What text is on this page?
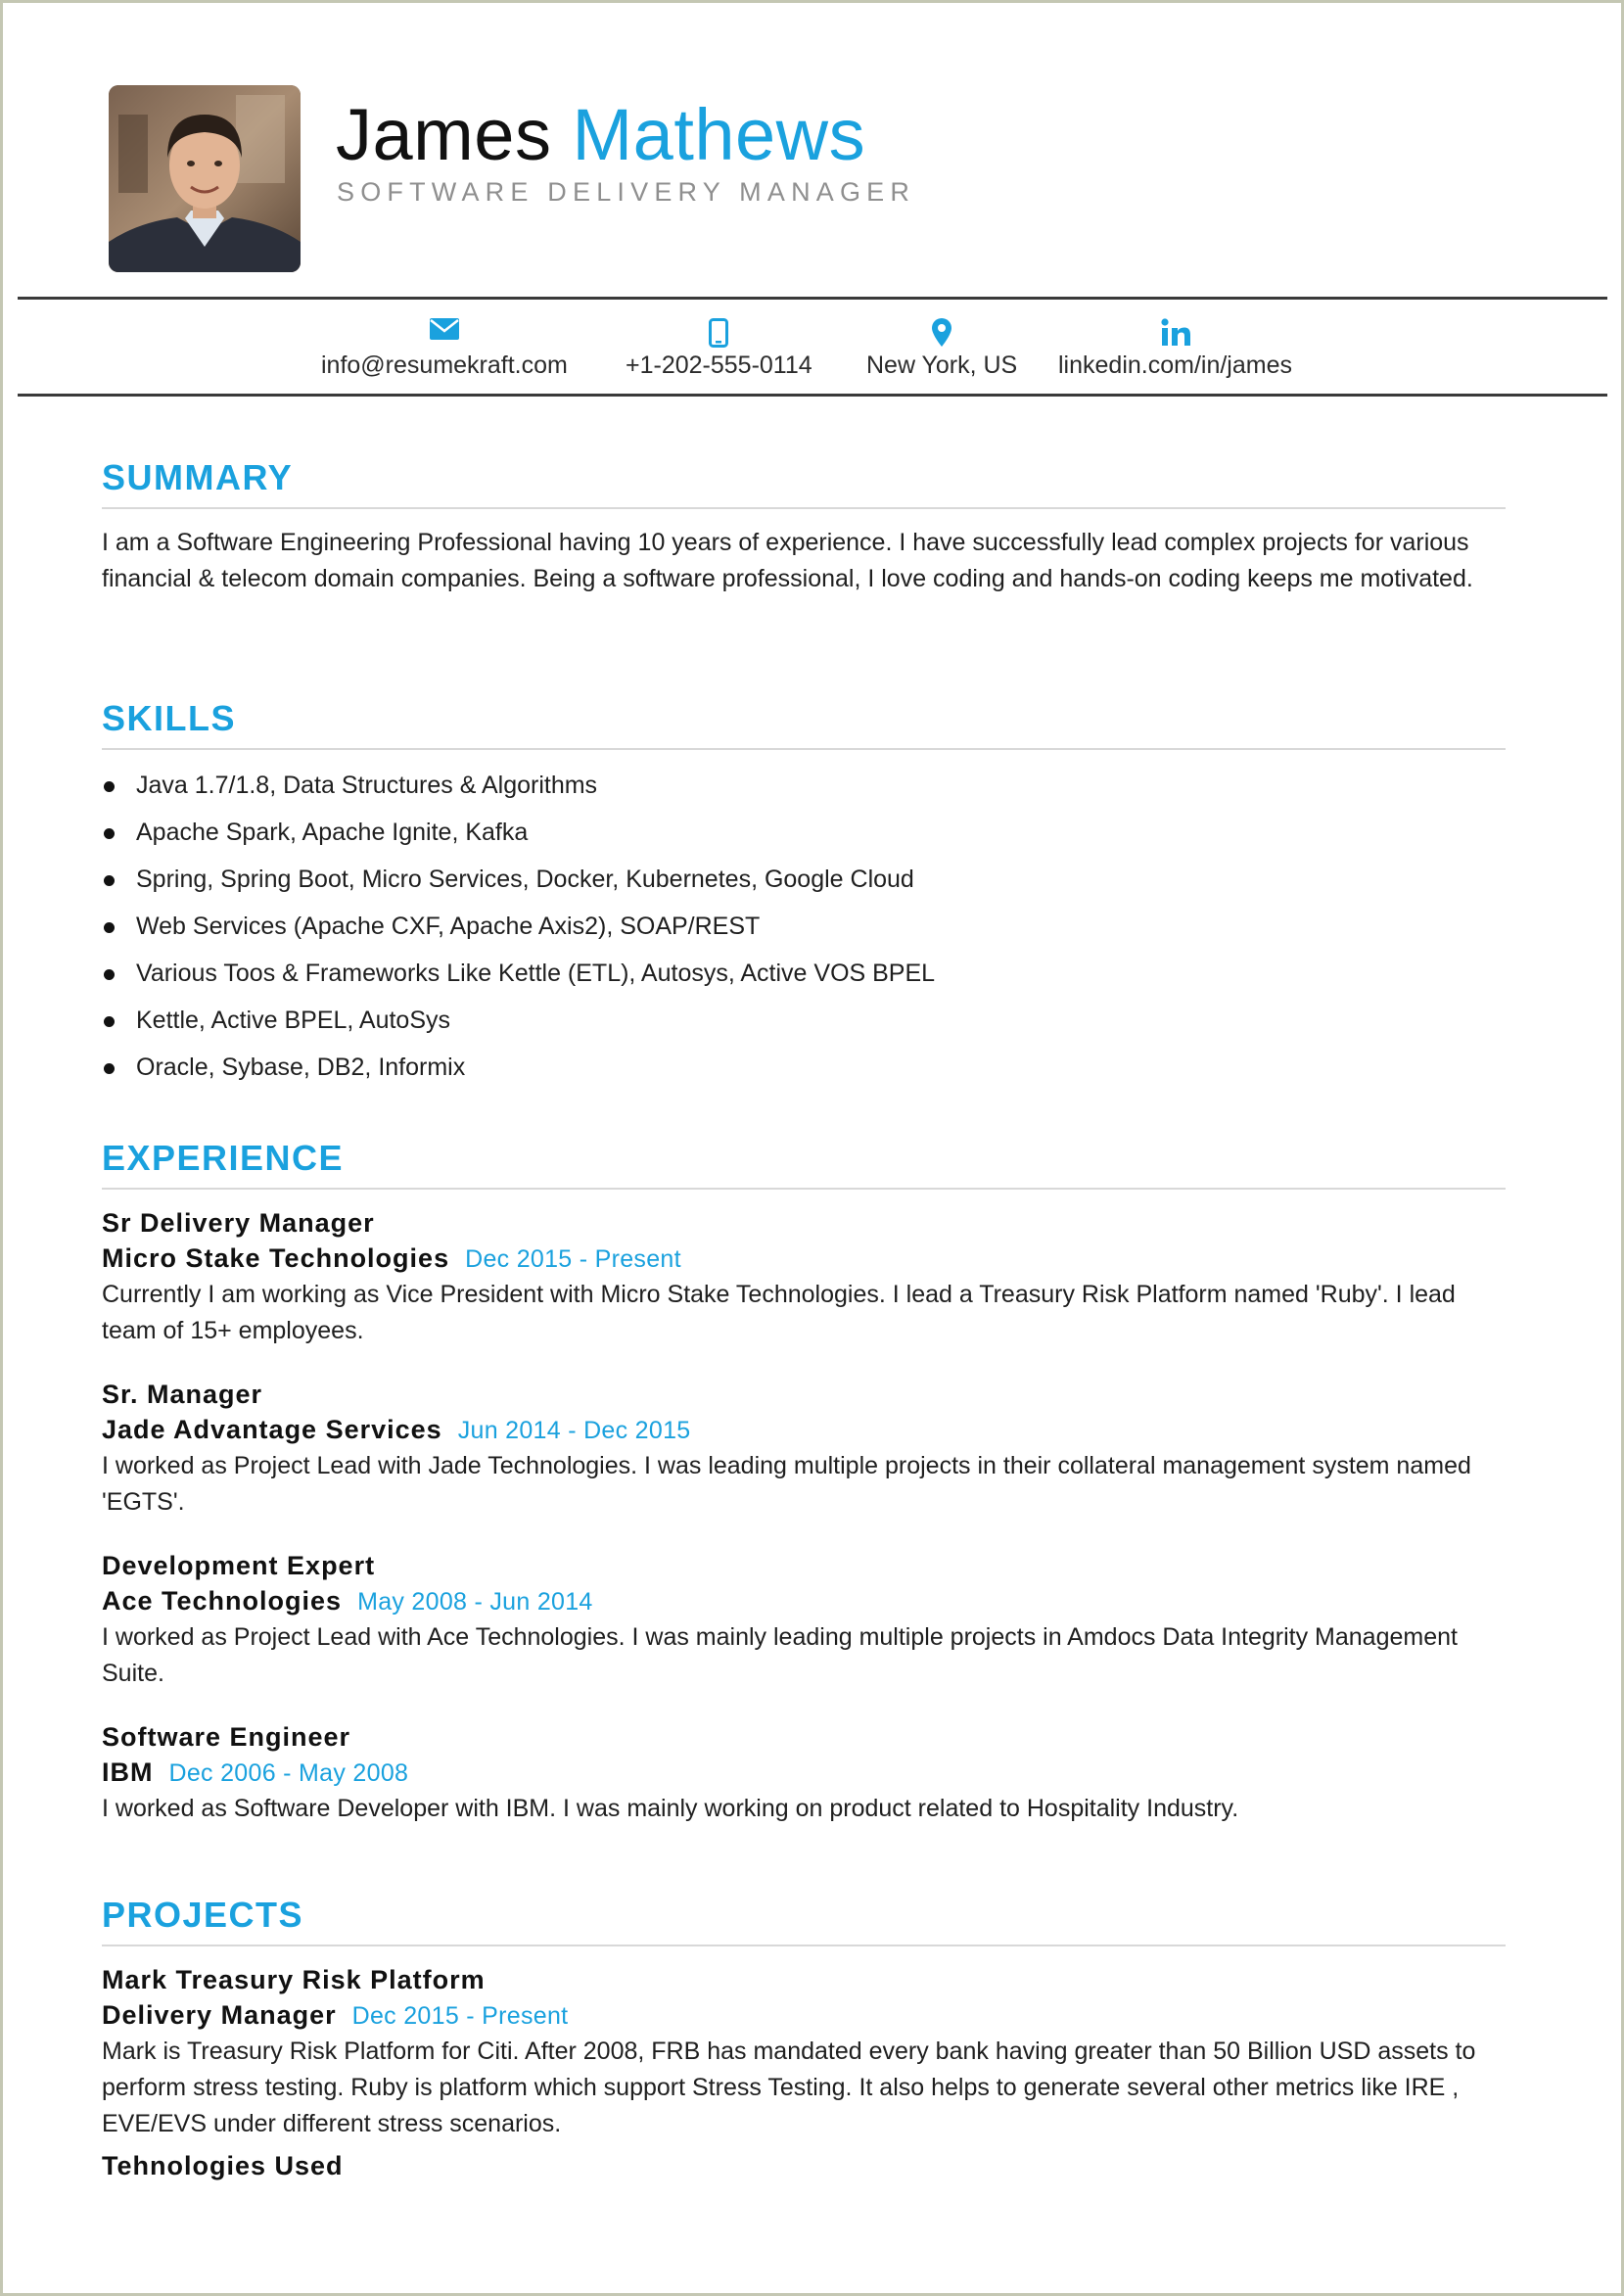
James Mathews
SOFTWARE DELIVERY MANAGER
info@resumekraft.com +1-202-555-0114 New York, US linkedin.com/in/james
SUMMARY
I am a Software Engineering Professional having 10 years of experience. I have successfully lead complex projects for various financial & telecom domain companies. Being a software professional, I love coding and hands-on coding keeps me motivated.
SKILLS
Java 1.7/1.8, Data Structures & Algorithms
Apache Spark, Apache Ignite, Kafka
Spring, Spring Boot, Micro Services, Docker, Kubernetes, Google Cloud
Web Services (Apache CXF, Apache Axis2), SOAP/REST
Various Toos & Frameworks Like Kettle (ETL), Autosys, Active VOS BPEL
Kettle, Active BPEL, AutoSys
Oracle, Sybase, DB2, Informix
EXPERIENCE
Sr Delivery Manager
Micro Stake Technologies Dec 2015 - Present
Currently I am working as Vice President with Micro Stake Technologies. I lead a Treasury Risk Platform named 'Ruby'. I lead team of 15+ employees.
Sr. Manager
Jade Advantage Services Jun 2014 - Dec 2015
I worked as Project Lead with Jade Technologies. I was leading multiple projects in their collateral management system named 'EGTS'.
Development Expert
Ace Technologies May 2008 - Jun 2014
I worked as Project Lead with Ace Technologies. I was mainly leading multiple projects in Amdocs Data Integrity Management Suite.
Software Engineer
IBM Dec 2006 - May 2008
I worked as Software Developer with IBM. I was mainly working on product related to Hospitality Industry.
PROJECTS
Mark Treasury Risk Platform
Delivery Manager Dec 2015 - Present
Mark is Treasury Risk Platform for Citi. After 2008, FRB has mandated every bank having greater than 50 Billion USD assets to perform stress testing. Ruby is platform which support Stress Testing. It also helps to generate several other metrics like IRE , EVE/EVS under different stress scenarios.
Tehnologies Used
